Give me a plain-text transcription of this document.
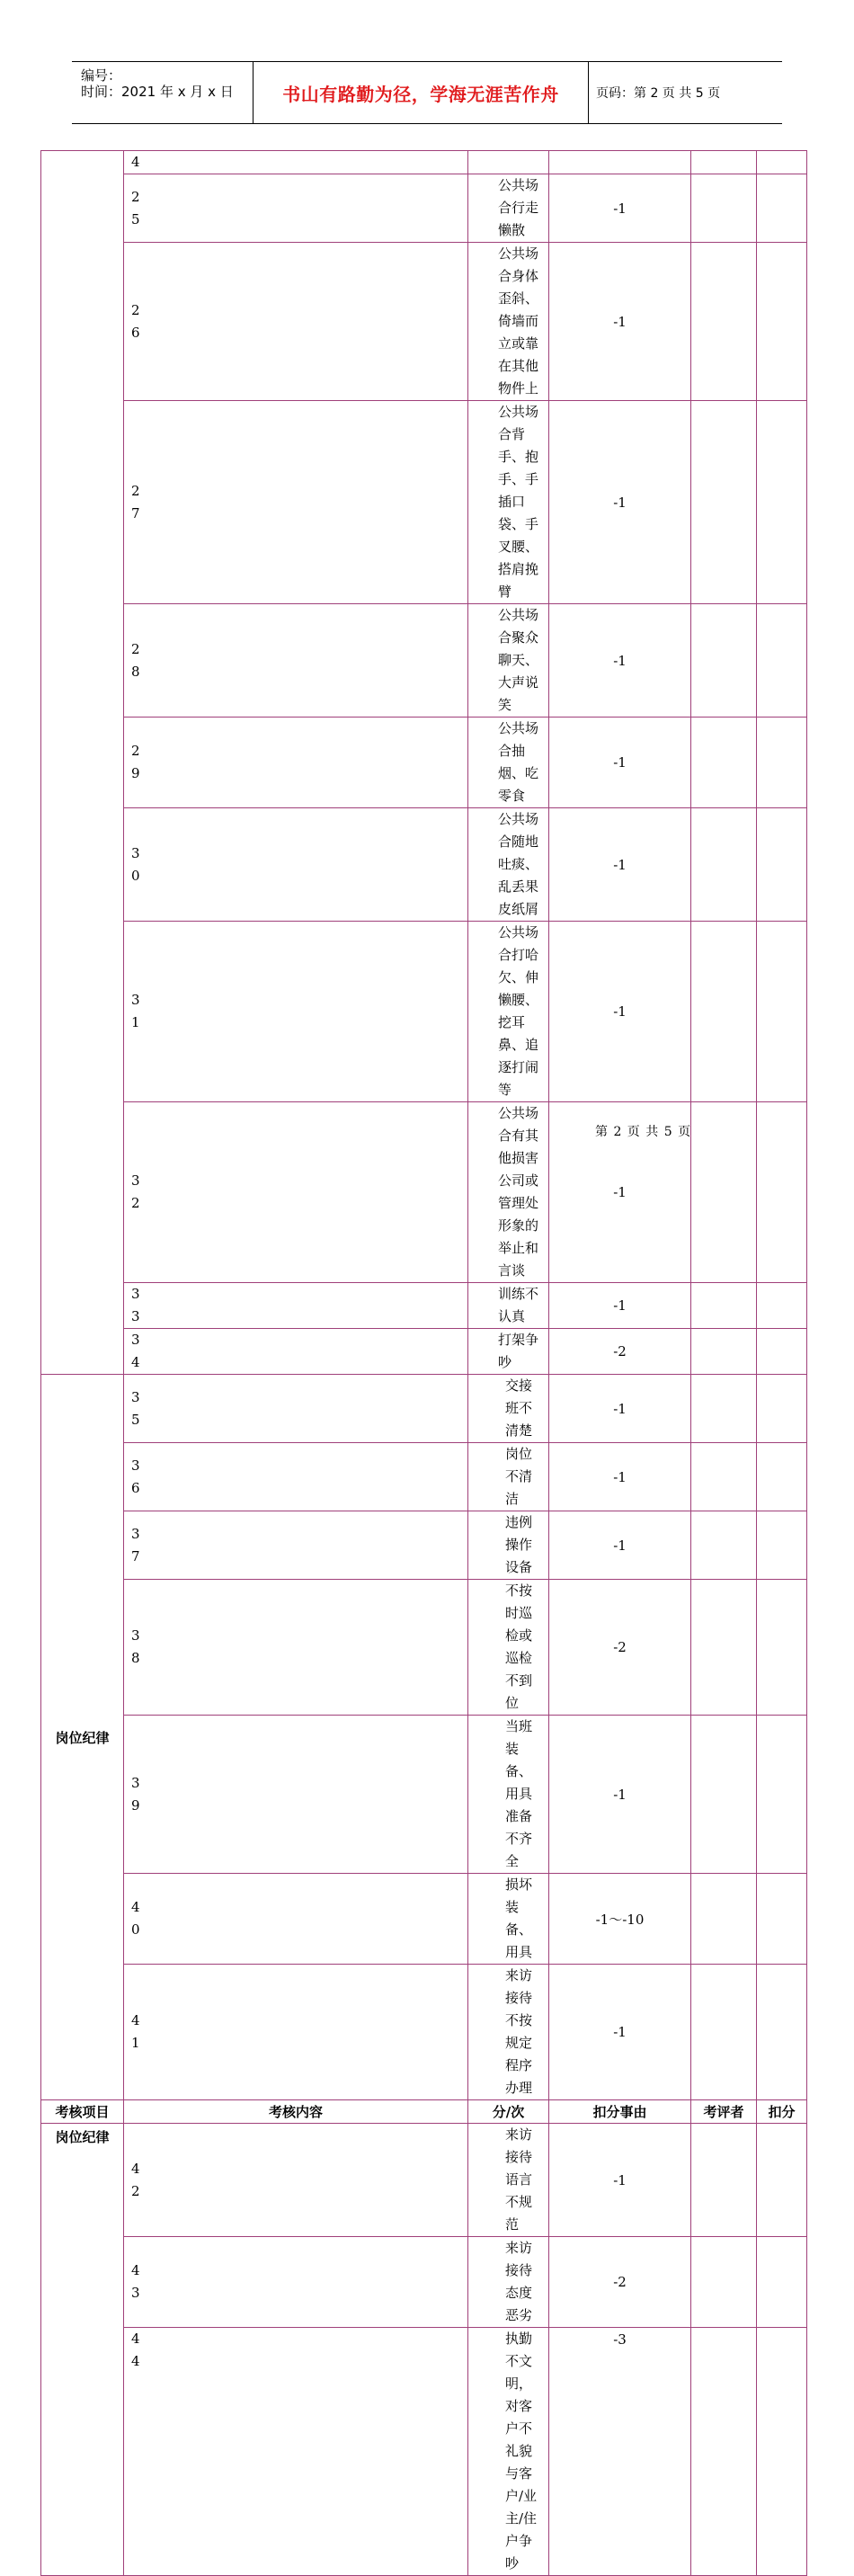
编号：
时间：2021 年 x 月 x 日	书山有路勤为径，学海无涯苦作舟	页码：第 2 页 共 5 页

	4					

	25	公共场合行走懒散	-1			

	26	公共场合身体歪斜、倚墙而立或靠在其他物件上	-1			

	27	公共场合背手、抱手、手插口袋、手叉腰、搭肩挽臂	-1			

	28	公共场合聚众聊天、大声说笑	-1			

	29	公共场合抽烟、吃零食	-1			

	30	公共场合随地吐痰、乱丢果皮纸屑	-1			

	31	公共场合打哈欠、伸懒腰、挖耳鼻、追逐打闹等	-1			

	32	公共场合有其他损害公司或管理处形象的举止和言谈	-1			

	33	训练不认真	-1			

	34	打架争吵	-2			
岗位纪律	35	交接班不清楚	-1			

	36	岗位不清洁	-1			

	37	违例操作设备	-1			

	38	不按时巡检或巡检不到位	-2			

	39	当班装备、用具准备不齐全	-1			

	40	损坏装备、用具	-1～-10			

	41	来访接待不按规定程序办理	-1			
考核项目	考核内容	分/次	扣分事由	考评者	扣分	
岗位纪律	42	来访接待语言不规范	-1			

	43	来访接待态度恶劣	-2			

	44	执勤不文明，对客户不礼貌与客户/业主/住户争吵	-3			
第 2 页 共 5 页
